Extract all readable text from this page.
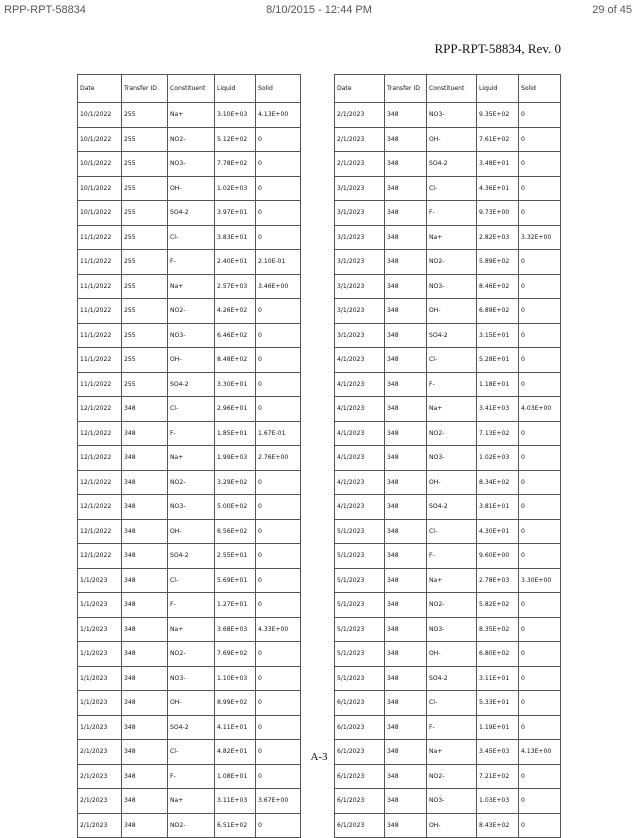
RPP-RPT-58834	8/10/2015 - 12:44 PM	29 of 45
RPP-RPT-58834, Rev. 0
Date	Transfer ID	Constituent	Liquid	Solid
10/1/2022	255	Na+	3.10E+03	4.13E+00
10/1/2022	255	NO2-	5.12E+02	0
10/1/2022	255	NO3-	7.78E+02	0
10/1/2022	255	OH-	1.02E+03	0
10/1/2022	255	SO4-2	3.97E+01	0
11/1/2022	255	Cl-	3.83E+01	0
11/1/2022	255	F-	2.40E+01	2.10E-01
11/1/2022	255	Na+	2.57E+03	3.46E+00
11/1/2022	255	NO2-	4.26E+02	0
11/1/2022	255	NO3-	6.46E+02	0
11/1/2022	255	OH-	8.48E+02	0
11/1/2022	255	SO4-2	3.30E+01	0
12/1/2022	348	Cl-	2.96E+01	0
12/1/2022	348	F-	1.85E+01	1.67E-01
12/1/2022	348	Na+	1.99E+03	2.76E+00
12/1/2022	348	NO2-	3.29E+02	0
12/1/2022	348	NO3-	5.00E+02	0
12/1/2022	348	OH-	6.56E+02	0
12/1/2022	348	SO4-2	2.55E+01	0
1/1/2023	348	Cl-	5.69E+01	0
1/1/2023	348	F-	1.27E+01	0
1/1/2023	348	Na+	3.68E+03	4.33E+00
1/1/2023	348	NO2-	7.69E+02	0
1/1/2023	348	NO3-	1.10E+03	0
1/1/2023	348	OH-	8.99E+02	0
1/1/2023	348	SO4-2	4.11E+01	0
2/1/2023	348	Cl-	4.82E+01	0
2/1/2023	348	F-	1.08E+01	0
2/1/2023	348	Na+	3.11E+03	3.67E+00
2/1/2023	348	NO2-	6.51E+02	0
Date	Transfer ID	Constituent	Liquid	Solid
2/1/2023	348	NO3-	9.35E+02	0
2/1/2023	348	OH-	7.61E+02	0
2/1/2023	348	SO4-2	3.48E+01	0
3/1/2023	348	Cl-	4.36E+01	0
3/1/2023	348	F-	9.73E+00	0
3/1/2023	348	Na+	2.82E+03	3.32E+00
3/1/2023	348	NO2-	5.89E+02	0
3/1/2023	348	NO3-	8.46E+02	0
3/1/2023	348	OH-	6.89E+02	0
3/1/2023	348	SO4-2	3.15E+01	0
4/1/2023	348	Cl-	5.28E+01	0
4/1/2023	348	F-	1.18E+01	0
4/1/2023	348	Na+	3.41E+03	4.03E+00
4/1/2023	348	NO2-	7.13E+02	0
4/1/2023	348	NO3-	1.02E+03	0
4/1/2023	348	OH-	8.34E+02	0
4/1/2023	348	SO4-2	3.81E+01	0
5/1/2023	348	Cl-	4.30E+01	0
5/1/2023	348	F-	9.60E+00	0
5/1/2023	348	Na+	2.78E+03	3.30E+00
5/1/2023	348	NO2-	5.82E+02	0
5/1/2023	348	NO3-	8.35E+02	0
5/1/2023	348	OH-	6.80E+02	0
5/1/2023	348	SO4-2	3.11E+01	0
6/1/2023	348	Cl-	5.33E+01	0
6/1/2023	348	F-	1.19E+01	0
6/1/2023	348	Na+	3.45E+03	4.13E+00
6/1/2023	348	NO2-	7.21E+02	0
6/1/2023	348	NO3-	1.03E+03	0
6/1/2023	348	OH-	8.43E+02	0
A-3
